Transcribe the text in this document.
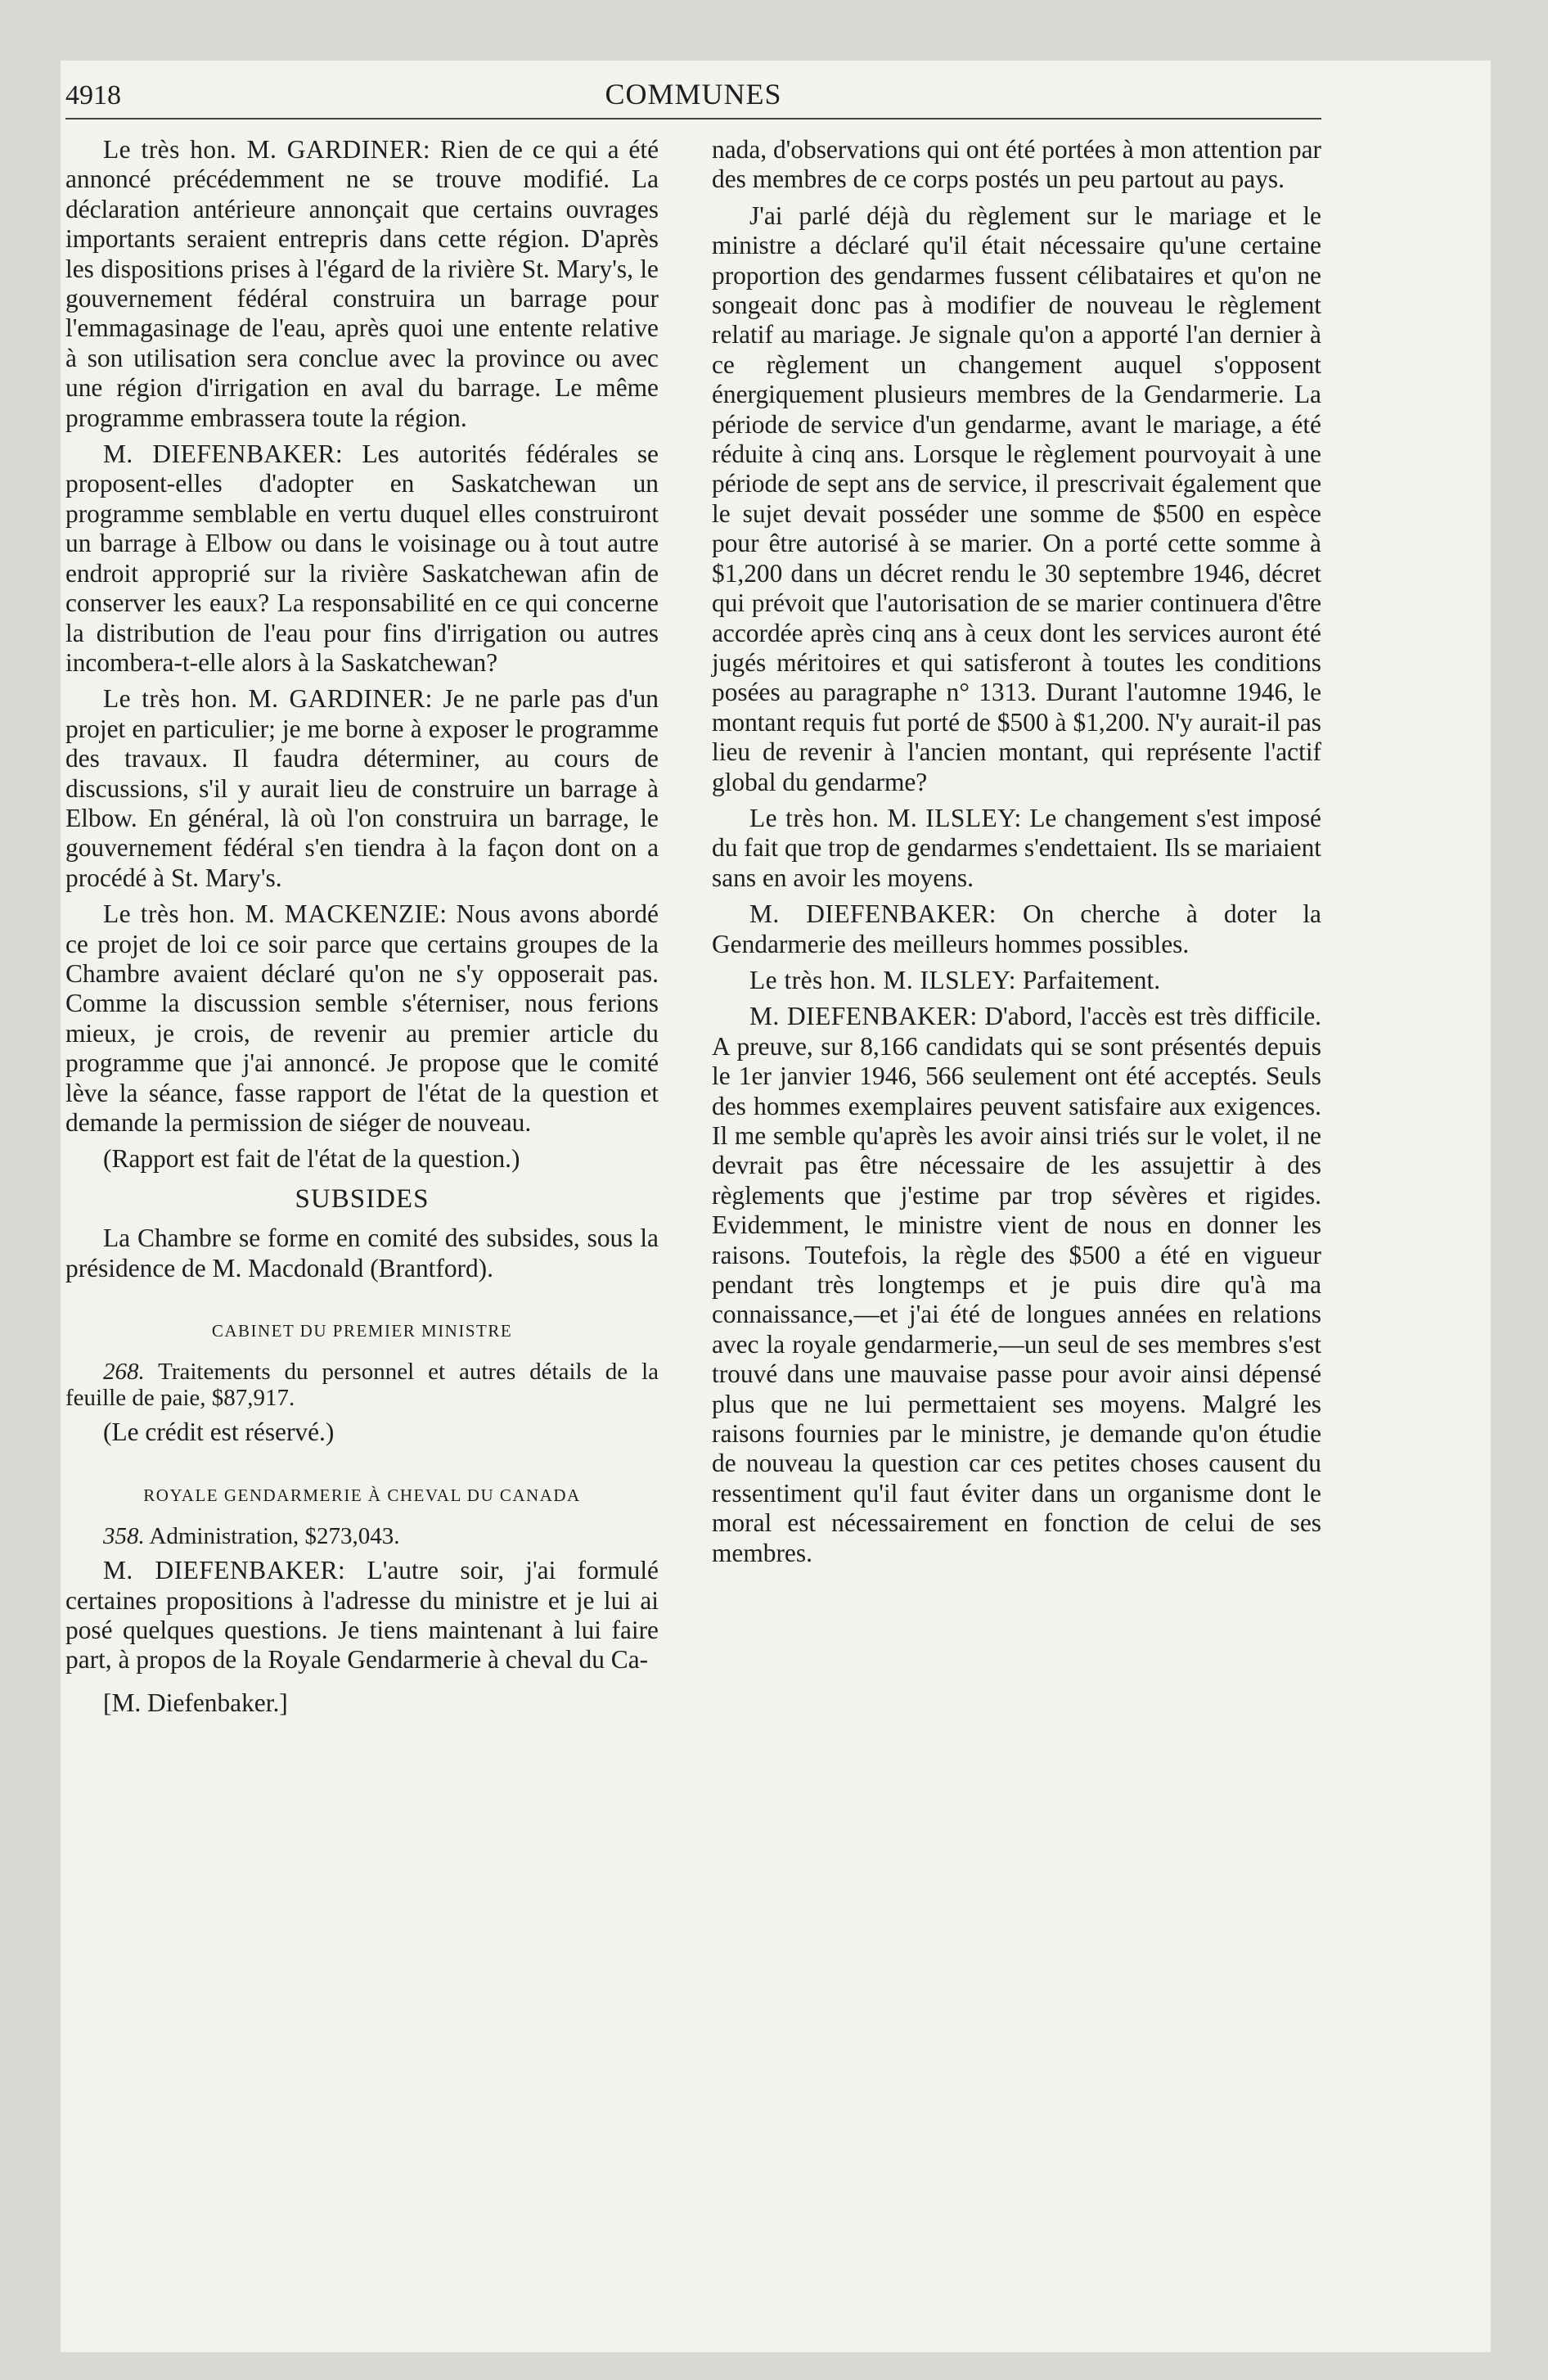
4918	COMMUNES

Le très hon. M. GARDINER: Rien de ce qui a été annoncé précédemment ne se trouve modifié. La déclaration antérieure annonçait que certains ouvrages importants seraient entrepris dans cette région. D'après les dispositions prises à l'égard de la rivière St. Mary's, le gouvernement fédéral construira un barrage pour l'emmagasinage de l'eau, après quoi une entente relative à son utilisation sera conclue avec la province ou avec une région d'irrigation en aval du barrage. Le même programme embrassera toute la région.

M. DIEFENBAKER: Les autorités fédérales se proposent-elles d'adopter en Saskatchewan un programme semblable en vertu duquel elles construiront un barrage à Elbow ou dans le voisinage ou à tout autre endroit approprié sur la rivière Saskatchewan afin de conserver les eaux? La responsabilité en ce qui concerne la distribution de l'eau pour fins d'irrigation ou autres incombera-t-elle alors à la Saskatchewan?

Le très hon. M. GARDINER: Je ne parle pas d'un projet en particulier; je me borne à exposer le programme des travaux. Il faudra déterminer, au cours de discussions, s'il y aurait lieu de construire un barrage à Elbow. En général, là où l'on construira un barrage, le gouvernement fédéral s'en tiendra à la façon dont on a procédé à St. Mary's.

Le très hon. M. MACKENZIE: Nous avons abordé ce projet de loi ce soir parce que certains groupes de la Chambre avaient déclaré qu'on ne s'y opposerait pas. Comme la discussion semble s'éterniser, nous ferions mieux, je crois, de revenir au premier article du programme que j'ai annoncé. Je propose que le comité lève la séance, fasse rapport de l'état de la question et demande la permission de siéger de nouveau.

(Rapport est fait de l'état de la question.)

SUBSIDES

La Chambre se forme en comité des subsides, sous la présidence de M. Macdonald (Brantford).

CABINET DU PREMIER MINISTRE

268. Traitements du personnel et autres détails de la feuille de paie, $87,917.

(Le crédit est réservé.)

ROYALE GENDARMERIE À CHEVAL DU CANADA

358. Administration, $273,043.

M. DIEFENBAKER: L'autre soir, j'ai formulé certaines propositions à l'adresse du ministre et je lui ai posé quelques questions. Je tiens maintenant à lui faire part, à propos de la Royale Gendarmerie à cheval du Ca-

[M. Diefenbaker.]

nada, d'observations qui ont été portées à mon attention par des membres de ce corps postés un peu partout au pays.

J'ai parlé déjà du règlement sur le mariage et le ministre a déclaré qu'il était nécessaire qu'une certaine proportion des gendarmes fussent célibataires et qu'on ne songeait donc pas à modifier de nouveau le règlement relatif au mariage. Je signale qu'on a apporté l'an dernier à ce règlement un changement auquel s'opposent énergiquement plusieurs membres de la Gendarmerie. La période de service d'un gendarme, avant le mariage, a été réduite à cinq ans. Lorsque le règlement pourvoyait à une période de sept ans de service, il prescrivait également que le sujet devait posséder une somme de $500 en espèce pour être autorisé à se marier. On a porté cette somme à $1,200 dans un décret rendu le 30 septembre 1946, décret qui prévoit que l'autorisation de se marier continuera d'être accordée après cinq ans à ceux dont les services auront été jugés méritoires et qui satisferont à toutes les conditions posées au paragraphe n° 1313. Durant l'automne 1946, le montant requis fut porté de $500 à $1,200. N'y aurait-il pas lieu de revenir à l'ancien montant, qui représente l'actif global du gendarme?

Le très hon. M. ILSLEY: Le changement s'est imposé du fait que trop de gendarmes s'endettaient. Ils se mariaient sans en avoir les moyens.

M. DIEFENBAKER: On cherche à doter la Gendarmerie des meilleurs hommes possibles.

Le très hon. M. ILSLEY: Parfaitement.

M. DIEFENBAKER: D'abord, l'accès est très difficile. A preuve, sur 8,166 candidats qui se sont présentés depuis le 1er janvier 1946, 566 seulement ont été acceptés. Seuls des hommes exemplaires peuvent satisfaire aux exigences. Il me semble qu'après les avoir ainsi triés sur le volet, il ne devrait pas être nécessaire de les assujettir à des règlements que j'estime par trop sévères et rigides. Evidemment, le ministre vient de nous en donner les raisons. Toutefois, la règle des $500 a été en vigueur pendant très longtemps et je puis dire qu'à ma connaissance,—et j'ai été de longues années en relations avec la royale gendarmerie,—un seul de ses membres s'est trouvé dans une mauvaise passe pour avoir ainsi dépensé plus que ne lui permettaient ses moyens. Malgré les raisons fournies par le ministre, je demande qu'on étudie de nouveau la question car ces petites choses causent du ressentiment qu'il faut éviter dans un organisme dont le moral est nécessairement en fonction de celui de ses membres.
